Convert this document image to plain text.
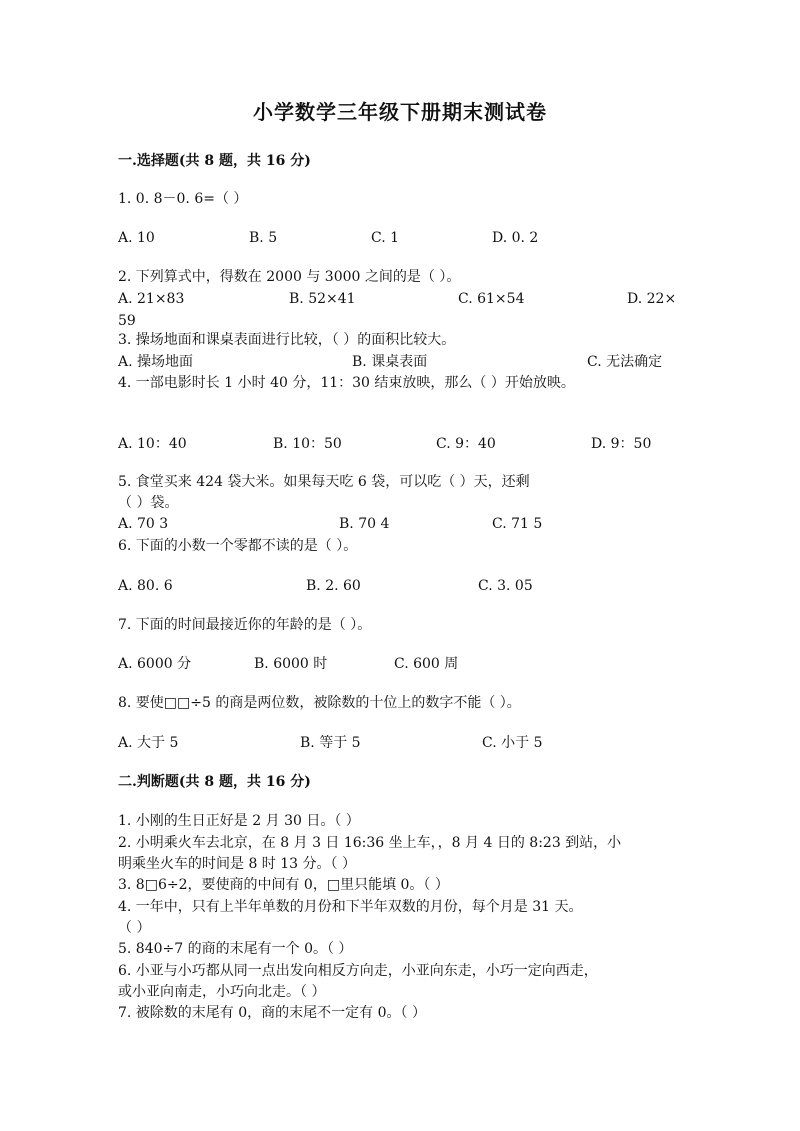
小学数学三年级下册期末测试卷
一.选择题(共 8 题，共 16 分)
1. 0. 8－0. 6=（ ）
A. 10	B. 5	C. 1	D. 0. 2
2. 下列算式中，得数在 2000 与 3000 之间的是（ ）。
A. 21×83	B. 52×41	C. 61×54	D. 22×
59
3. 操场地面和课桌表面进行比较，（ ）的面积比较大。
A. 操场地面	B. 课桌表面	C. 无法确定
4. 一部电影时长 1 小时 40 分，11：30 结束放映，那么（ ）开始放映。
A. 10：40	B. 10：50	C. 9：40	D. 9：50
5. 食堂买来 424 袋大米。如果每天吃 6 袋，可以吃（ ）天，还剩
（ ）袋。
A. 70 3	B. 70 4	C. 71 5
6. 下面的小数一个零都不读的是（ ）。
A. 80. 6	B. 2. 60	C. 3. 05
7. 下面的时间最接近你的年龄的是（ ）。
A. 6000 分	B. 6000 时	C. 600 周
8. 要使□□÷5 的商是两位数，被除数的十位上的数字不能（ ）。
A. 大于 5	B. 等于 5	C. 小于 5
二.判断题(共 8 题，共 16 分)
1. 小刚的生日正好是 2 月 30 日。（ ）
2. 小明乘火车去北京，在 8 月 3 日 16:36 坐上车，，8 月 4 日的 8:23 到站，小
明乘坐火车的时间是 8 时 13 分。（ ）
3. 8□6÷2，要使商的中间有 0，□里只能填 0。（ ）
4. 一年中，只有上半年单数的月份和下半年双数的月份，每个月是 31 天。
（ ）
5. 840÷7 的商的末尾有一个 0。（ ）
6. 小亚与小巧都从同一点出发向相反方向走，小亚向东走，小巧一定向西走，
或小亚向南走，小巧向北走。（ ）
7. 被除数的末尾有 0，商的末尾不一定有 0。（ ）
